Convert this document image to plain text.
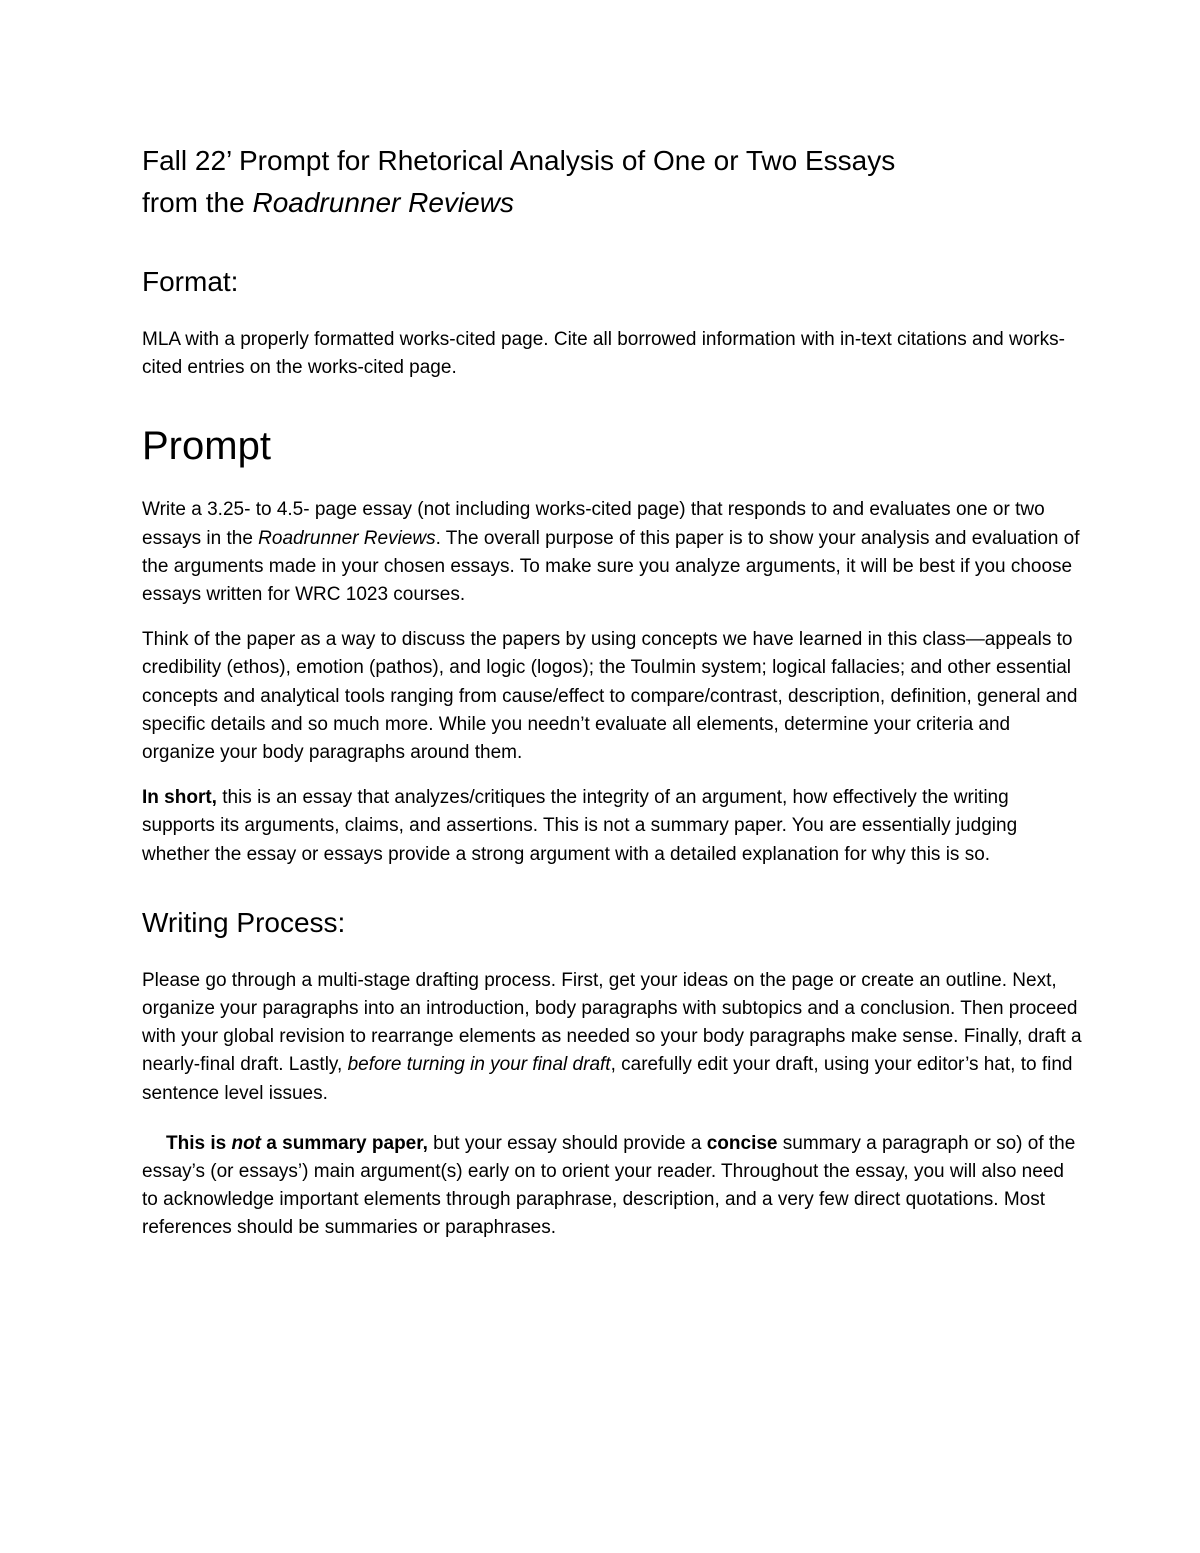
Fall 22’ Prompt for Rhetorical Analysis of One or Two Essays
from the Roadrunner Reviews
Format:

MLA with a properly formatted works-cited page. Cite all borrowed information with in-text citations and works-cited entries on the works-cited page.

Prompt

Write a 3.25- to 4.5- page essay (not including works-cited page) that responds to and evaluates one or two essays in the Roadrunner Reviews. The overall purpose of this paper is to show your analysis and evaluation of the arguments made in your chosen essays. To make sure you analyze arguments, it will be best if you choose essays written for WRC 1023 courses.

Think of the paper as a way to discuss the papers by using concepts we have learned in this class—appeals to credibility (ethos), emotion (pathos), and logic (logos); the Toulmin system; logical fallacies; and other essential concepts and analytical tools ranging from cause/effect to compare/contrast, description, definition, general and specific details and so much more. While you needn’t evaluate all elements, determine your criteria and organize your body paragraphs around them.

In short, this is an essay that analyzes/critiques the integrity of an argument, how effectively the writing supports its arguments, claims, and assertions. This is not a summary paper. You are essentially judging whether the essay or essays provide a strong argument with a detailed explanation for why this is so.

Writing Process:

Please go through a multi-stage drafting process. First, get your ideas on the page or create an outline. Next, organize your paragraphs into an introduction, body paragraphs with subtopics and a conclusion. Then proceed with your global revision to rearrange elements as needed so your body paragraphs make sense. Finally, draft a nearly-final draft. Lastly, before turning in your final draft, carefully edit your draft, using your editor’s hat, to find sentence level issues.

This is not a summary paper, but your essay should provide a concise summary a paragraph or so) of the essay’s (or essays’) main argument(s) early on to orient your reader. Throughout the essay, you will also need to acknowledge important elements through paraphrase, description, and a very few direct quotations. Most references should be summaries or paraphrases.
